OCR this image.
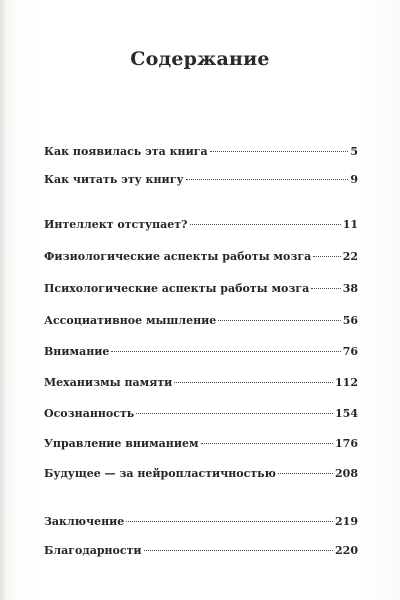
Содержание
Как появилась эта книга	5
Как читать эту книгу	9
Интеллект отступает?	11
Физиологические аспекты работы мозга	22
Психологические аспекты работы мозга	38
Ассоциативное мышление	56
Внимание	76
Механизмы памяти	112
Осознанность	154
Управление вниманием	176
Будущее — за нейропластичностью	208
Заключение	219
Благодарности	220
